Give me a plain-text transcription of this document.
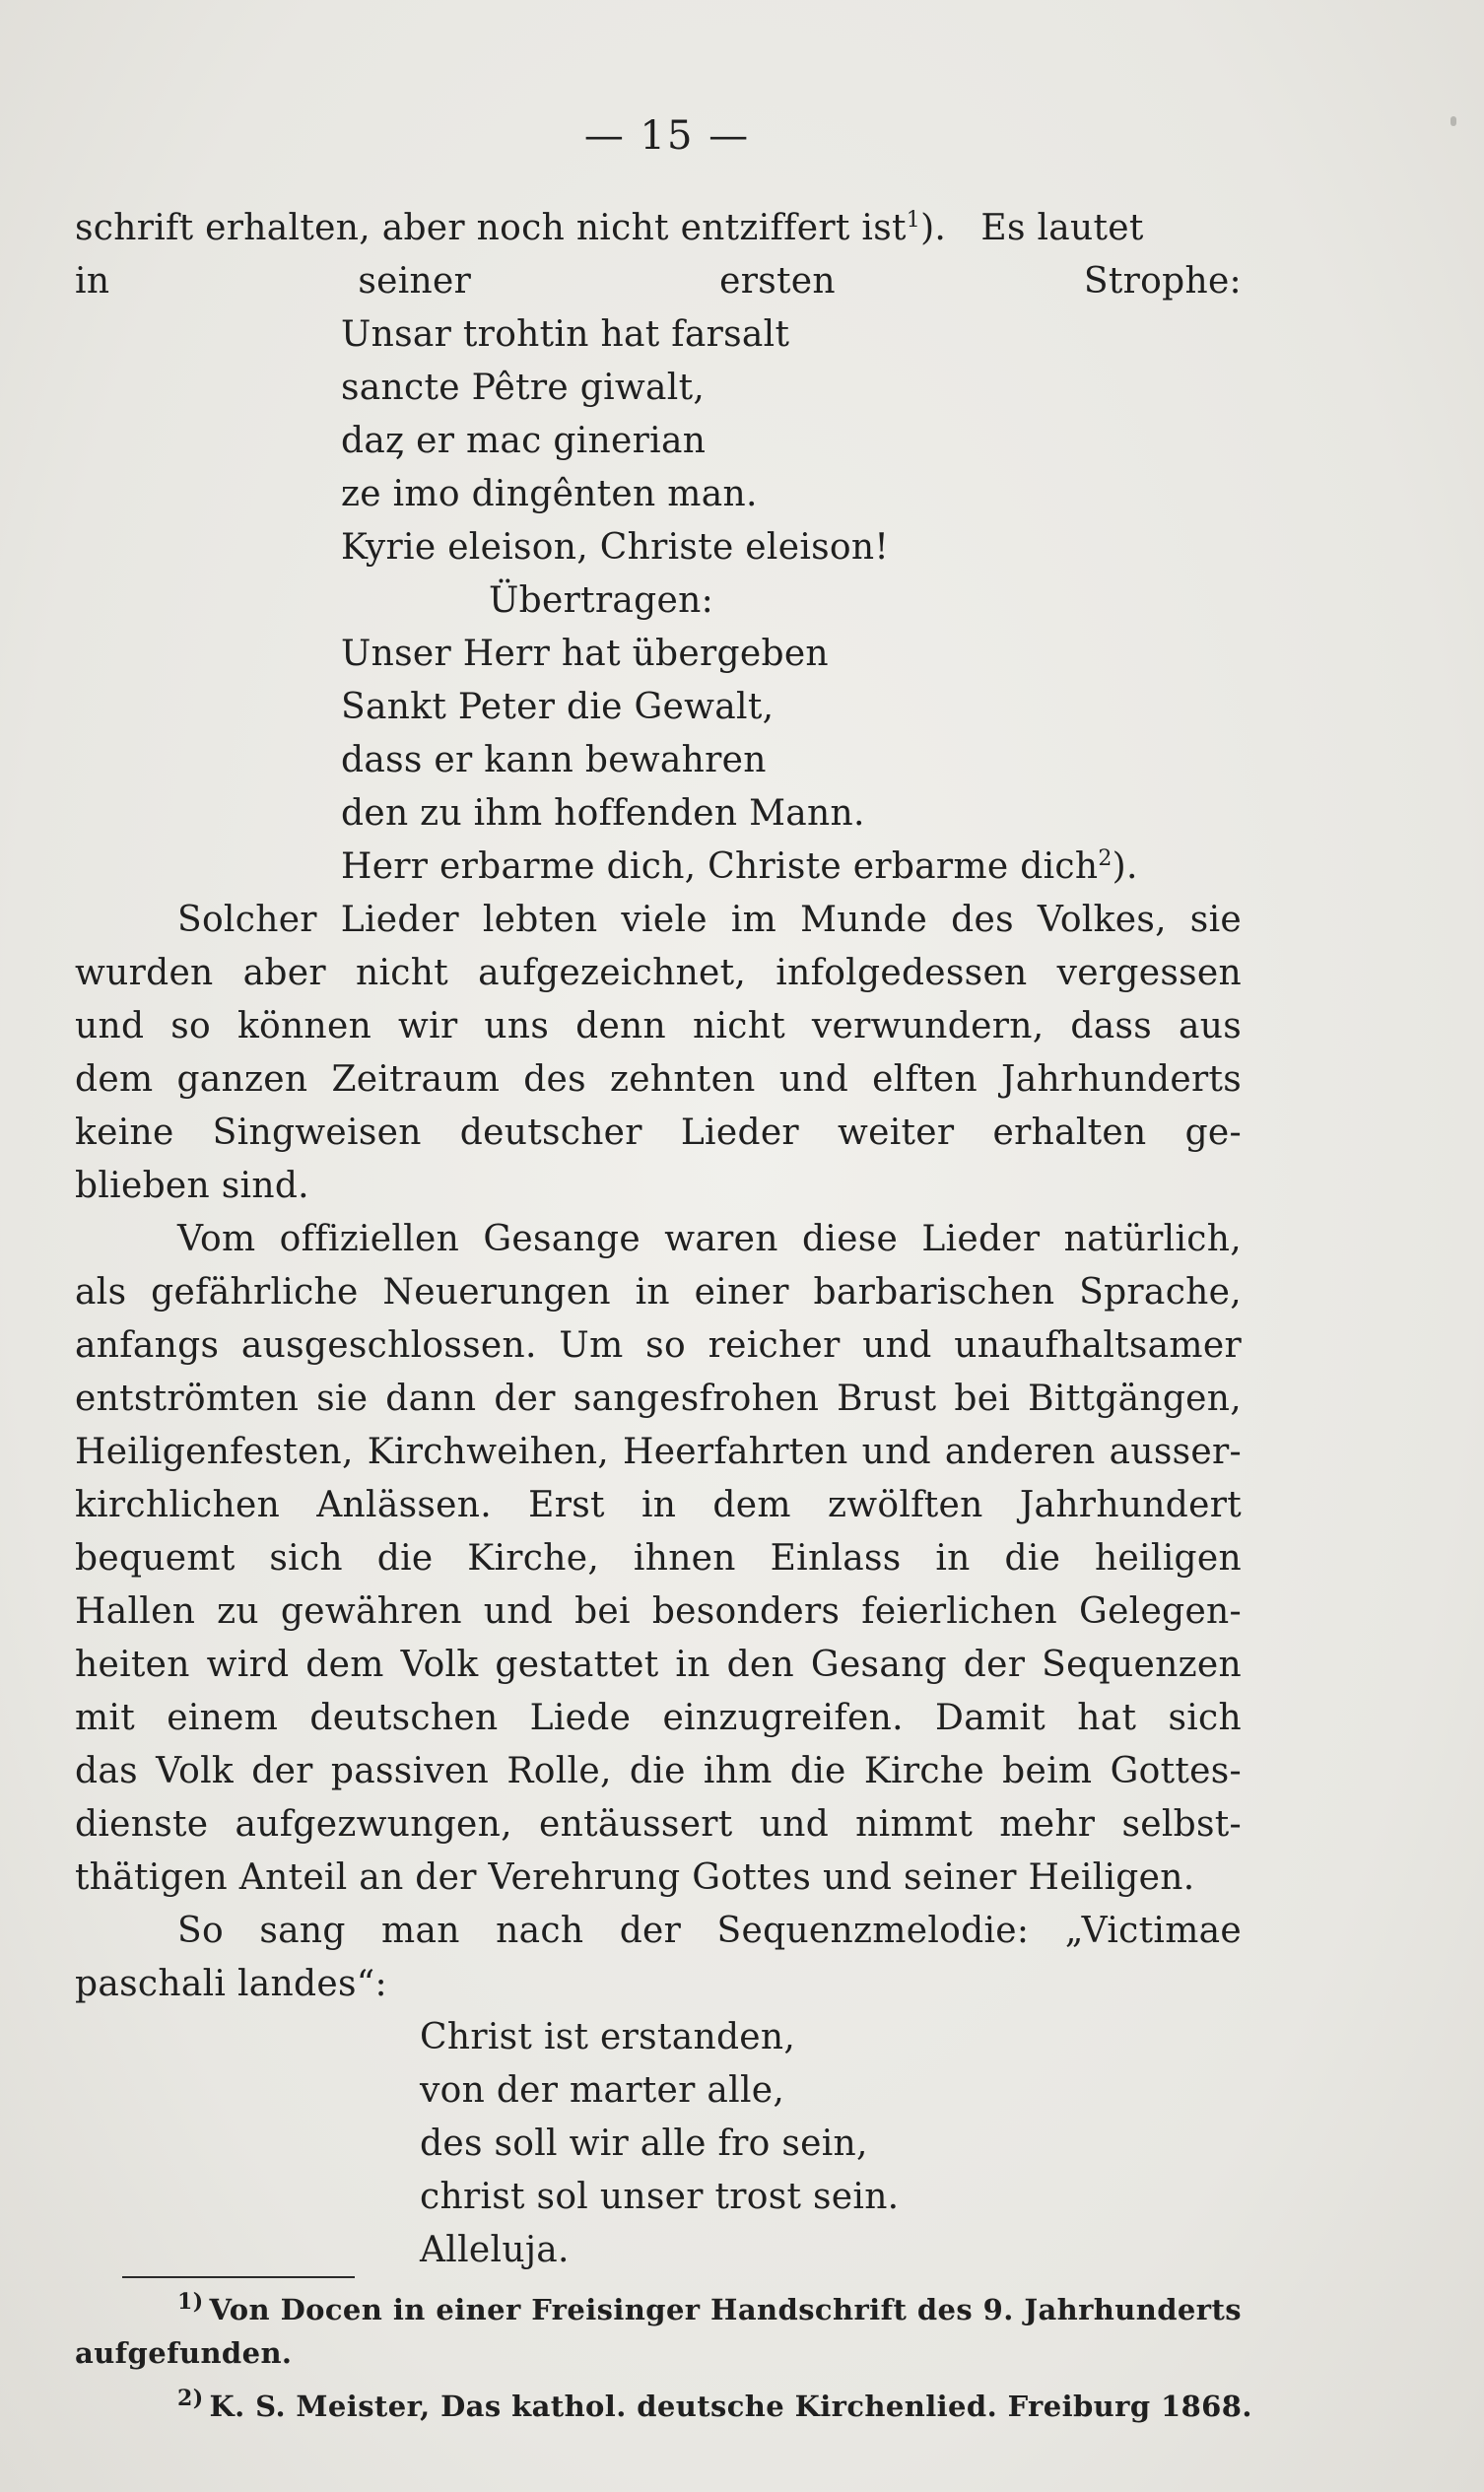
— 15 —
schrift erhalten, aber noch nicht entziffert ist$^1$).   Es lautet
in seiner ersten Strophe:
Unsar trohtin hat farsalt
sancte Pêtre giwalt,
daȥ er mac ginerian
ze imo dingênten man.
Kyrie eleison, Christe eleison!
Übertragen:
Unser Herr hat übergeben
Sankt Peter die Gewalt,
dass er kann bewahren
den zu ihm hoffenden Mann.
Herr erbarme dich, Christe erbarme dich$^2$).
Solcher Lieder lebten viele im Munde des Volkes, sie
wurden aber nicht aufgezeichnet, infolgedessen vergessen
und so können wir uns denn nicht verwundern, dass aus
dem ganzen Zeitraum des zehnten und elften Jahrhunderts
keine Singweisen deutscher Lieder weiter erhalten ge-
blieben sind.
Vom offiziellen Gesange waren diese Lieder natürlich,
als gefährliche Neuerungen in einer barbarischen Sprache,
anfangs ausgeschlossen. Um so reicher und unaufhaltsamer
entströmten sie dann der sangesfrohen Brust bei Bittgängen,
Heiligenfesten, Kirchweihen, Heerfahrten und anderen ausser-
kirchlichen Anlässen. Erst in dem zwölften Jahrhundert
bequemt sich die Kirche, ihnen Einlass in die heiligen
Hallen zu gewähren und bei besonders feierlichen Gelegen-
heiten wird dem Volk gestattet in den Gesang der Sequenzen
mit einem deutschen Liede einzugreifen. Damit hat sich
das Volk der passiven Rolle, die ihm die Kirche beim Gottes-
dienste aufgezwungen, entäussert und nimmt mehr selbst-
thätigen Anteil an der Verehrung Gottes und seiner Heiligen.
So sang man nach der Sequenzmelodie: „Victimae
paschali landes“:
Christ ist erstanden,
von der marter alle,
des soll wir alle fro sein,
christ sol unser trost sein.
Alleluja.
$^{1)}$ Von Docen in einer Freisinger Handschrift des 9. Jahrhunderts
aufgefunden.
$^{2)}$ K. S. Meister, Das kathol. deutsche Kirchenlied. Freiburg 1868.
